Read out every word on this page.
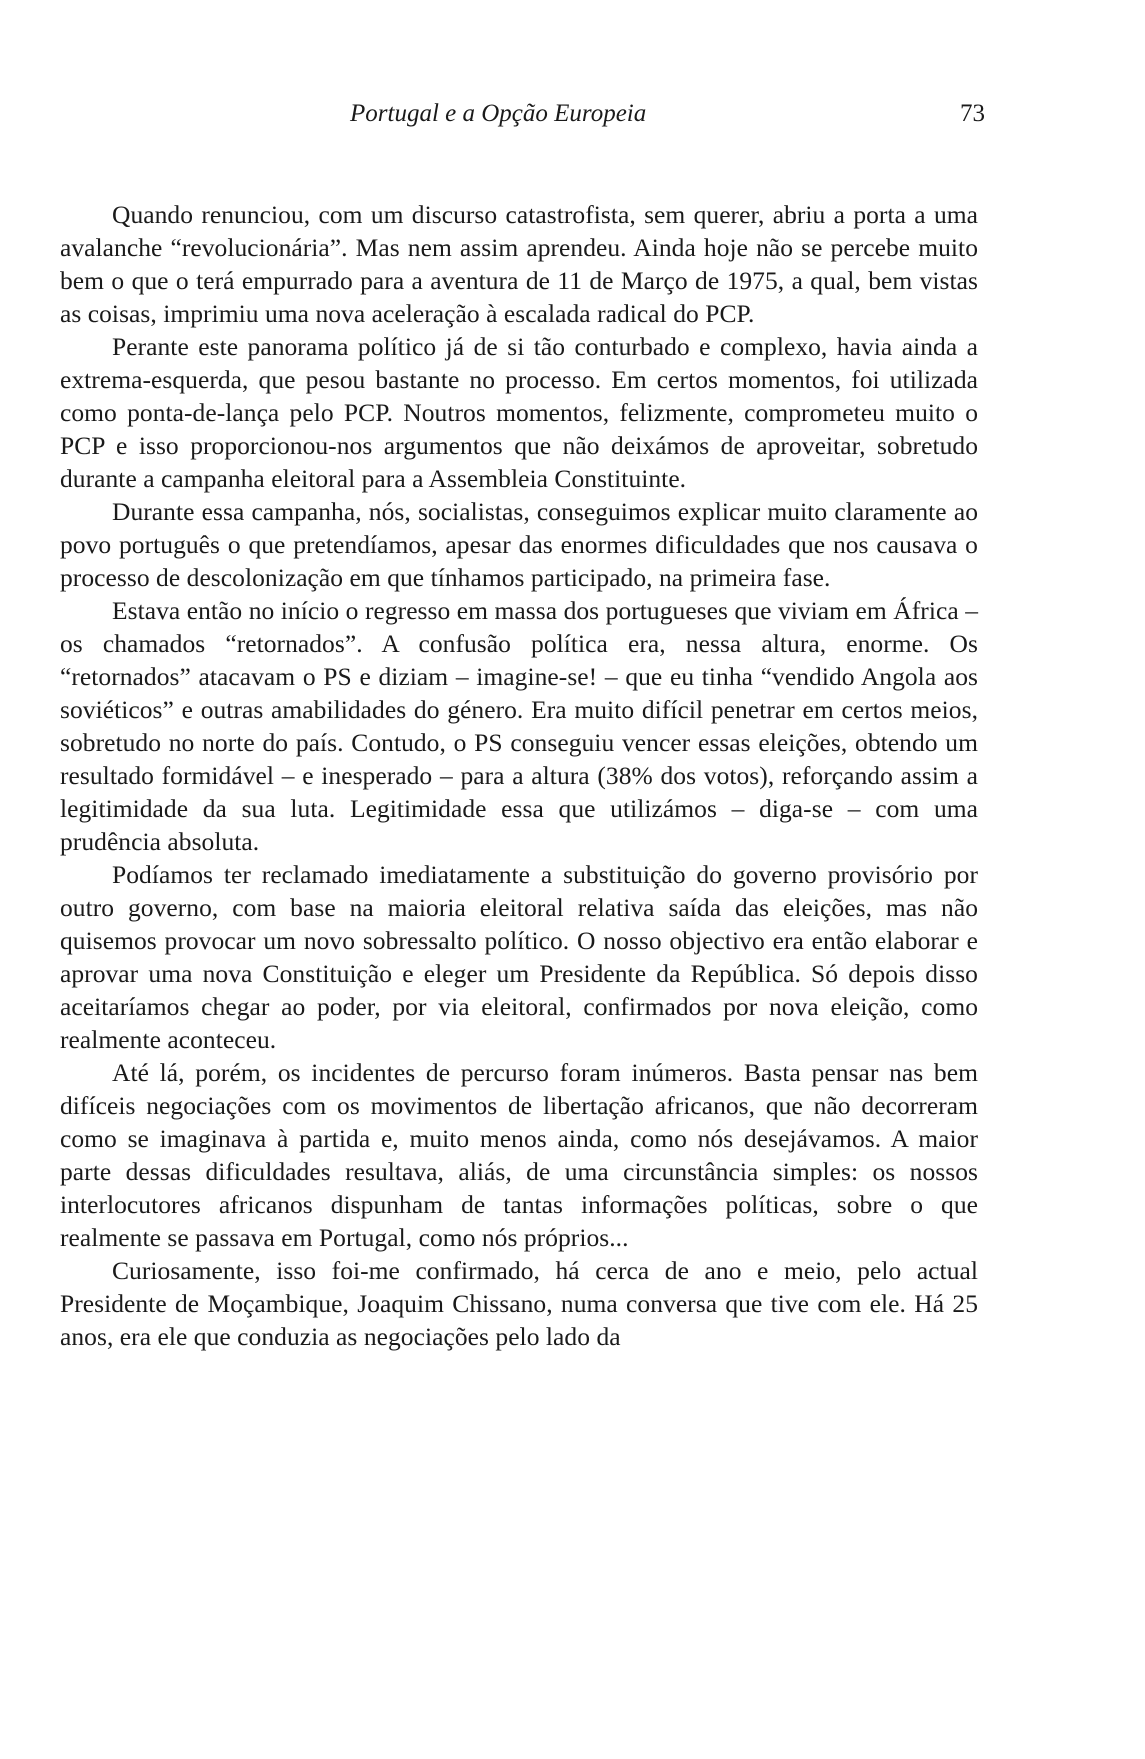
Portugal e a Opção Europeia	73

Quando renunciou, com um discurso catastrofista, sem querer, abriu a porta a uma avalanche “revolucionária”. Mas nem assim aprendeu. Ainda hoje não se percebe muito bem o que o terá empurrado para a aventura de 11 de Março de 1975, a qual, bem vistas as coisas, imprimiu uma nova aceleração à escalada radical do PCP.

Perante este panorama político já de si tão conturbado e complexo, havia ainda a extrema-esquerda, que pesou bastante no processo. Em certos momentos, foi utilizada como ponta-de-lança pelo PCP. Noutros momentos, felizmente, comprometeu muito o PCP e isso proporcionou-nos argumentos que não deixámos de aproveitar, sobretudo durante a campanha eleitoral para a Assembleia Constituinte.

Durante essa campanha, nós, socialistas, conseguimos explicar muito claramente ao povo português o que pretendíamos, apesar das enormes dificuldades que nos causava o processo de descolonização em que tínhamos participado, na primeira fase.

Estava então no início o regresso em massa dos portugueses que viviam em África – os chamados “retornados”. A confusão política era, nessa altura, enorme. Os “retornados” atacavam o PS e diziam – imagine-se! – que eu tinha “vendido Angola aos soviéticos” e outras amabilidades do género. Era muito difícil penetrar em certos meios, sobretudo no norte do país. Contudo, o PS conseguiu vencer essas eleições, obtendo um resultado formidável – e inesperado – para a altura (38% dos votos), reforçando assim a legitimidade da sua luta. Legitimidade essa que utilizámos – diga-se – com uma prudência absoluta.

Podíamos ter reclamado imediatamente a substituição do governo provisório por outro governo, com base na maioria eleitoral relativa saída das eleições, mas não quisemos provocar um novo sobressalto político. O nosso objectivo era então elaborar e aprovar uma nova Constituição e eleger um Presidente da República. Só depois disso aceitaríamos chegar ao poder, por via eleitoral, confirmados por nova eleição, como realmente aconteceu.

Até lá, porém, os incidentes de percurso foram inúmeros. Basta pensar nas bem difíceis negociações com os movimentos de libertação africanos, que não decorreram como se imaginava à partida e, muito menos ainda, como nós desejávamos. A maior parte dessas dificuldades resultava, aliás, de uma circunstância simples: os nossos interlocutores africanos dispunham de tantas informações políticas, sobre o que realmente se passava em Portugal, como nós próprios...

Curiosamente, isso foi-me confirmado, há cerca de ano e meio, pelo actual Presidente de Moçambique, Joaquim Chissano, numa conversa que tive com ele. Há 25 anos, era ele que conduzia as negociações pelo lado da
